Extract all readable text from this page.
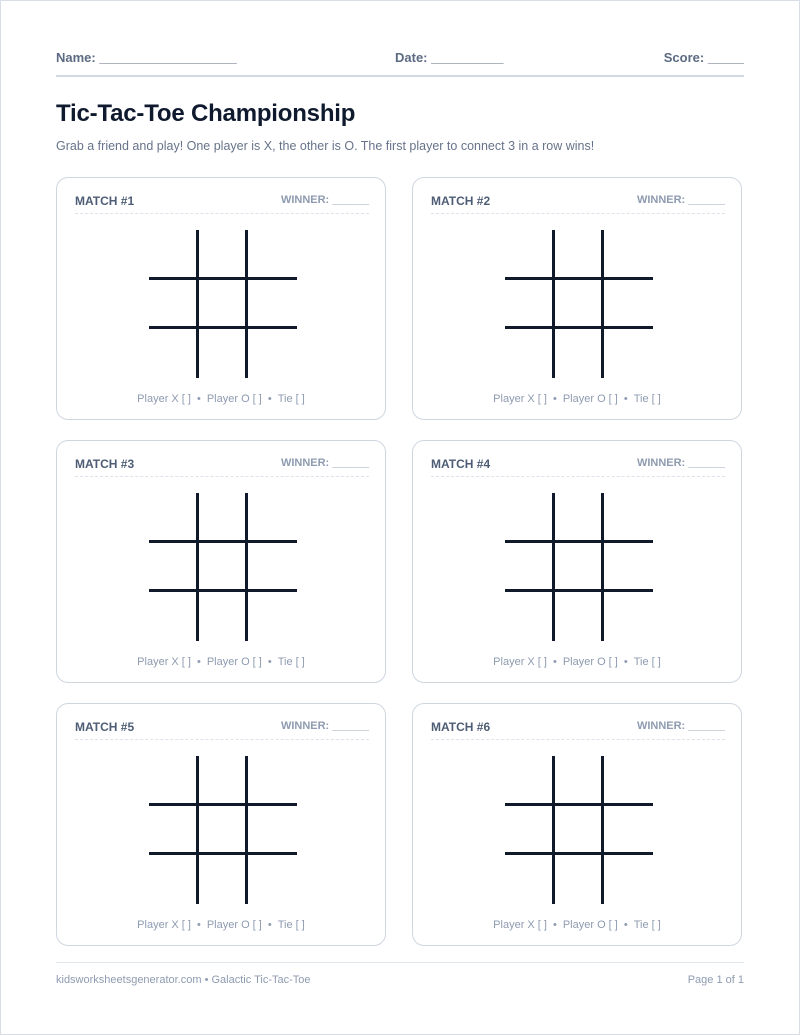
Name: ___________________	Date: __________	Score: _____
Tic-Tac-Toe Championship
Grab a friend and play! One player is X, the other is O. The first player to connect 3 in a row wins!
MATCH #1	WINNER: ______
Player X [ ] • Player O [ ] • Tie [ ]
MATCH #2	WINNER: ______
Player X [ ] • Player O [ ] • Tie [ ]
MATCH #3	WINNER: ______
Player X [ ] • Player O [ ] • Tie [ ]
MATCH #4	WINNER: ______
Player X [ ] • Player O [ ] • Tie [ ]
MATCH #5	WINNER: ______
Player X [ ] • Player O [ ] • Tie [ ]
MATCH #6	WINNER: ______
Player X [ ] • Player O [ ] • Tie [ ]
kidsworksheetsgenerator.com • Galactic Tic-Tac-Toe	Page 1 of 1
